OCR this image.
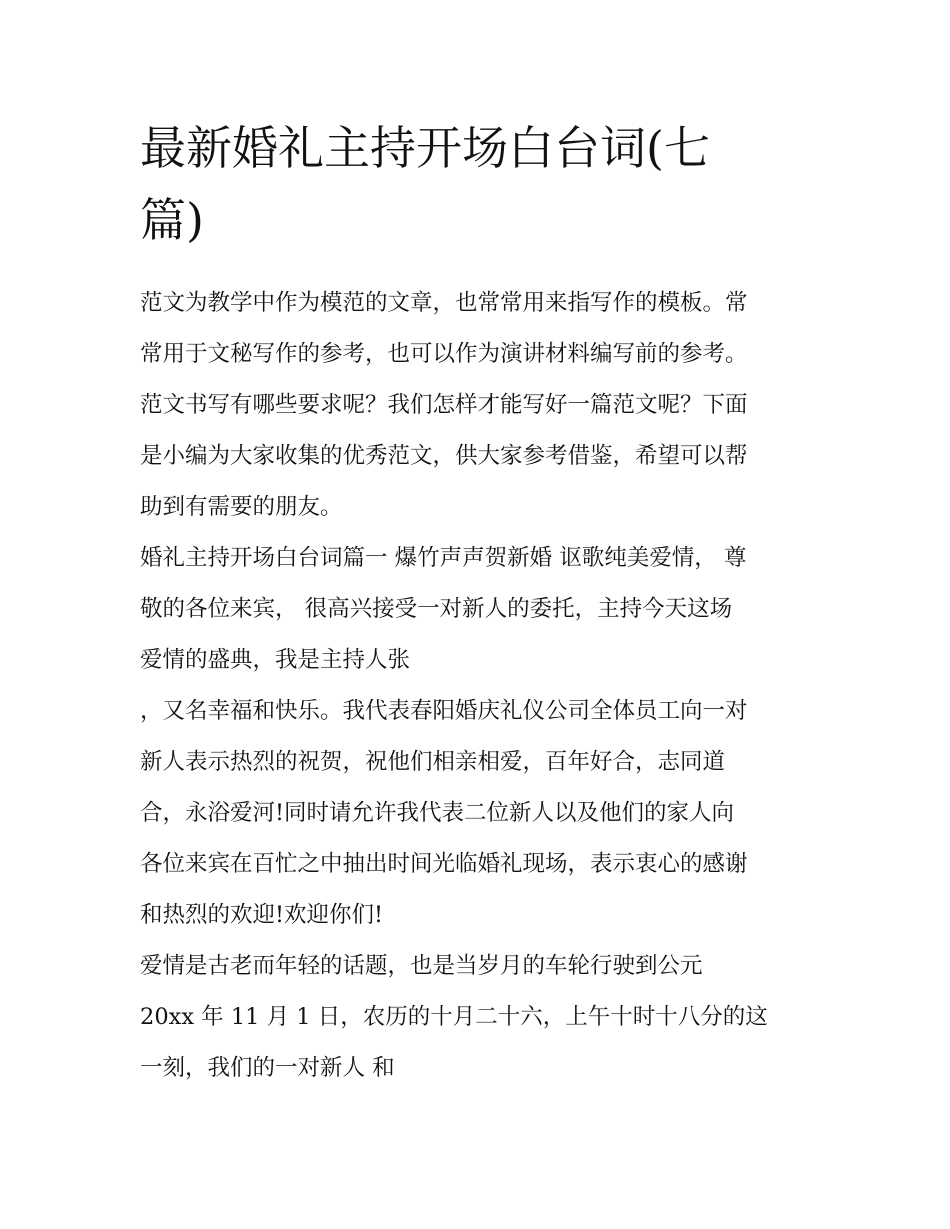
最新婚礼主持开场白台词(七
篇)
范文为教学中作为模范的文章，也常常用来指写作的模板。常
常用于文秘写作的参考，也可以作为演讲材料编写前的参考。
范文书写有哪些要求呢？我们怎样才能写好一篇范文呢？下面
是小编为大家收集的优秀范文，供大家参考借鉴，希望可以帮
助到有需要的朋友。
婚礼主持开场白台词篇一 爆竹声声贺新婚 讴歌纯美爱情， 尊
敬的各位来宾， 很高兴接受一对新人的委托，主持今天这场
爱情的盛典，我是主持人张
，又名幸福和快乐。我代表春阳婚庆礼仪公司全体员工向一对
新人表示热烈的祝贺，祝他们相亲相爱，百年好合，志同道
合，永浴爱河!同时请允许我代表二位新人以及他们的家人向
各位来宾在百忙之中抽出时间光临婚礼现场，表示衷心的感谢
和热烈的欢迎!欢迎你们!
爱情是古老而年轻的话题，也是当岁月的车轮行驶到公元
20xx 年 11 月 1 日，农历的十月二十六，上午十时十八分的这
一刻，我们的一对新人 和
